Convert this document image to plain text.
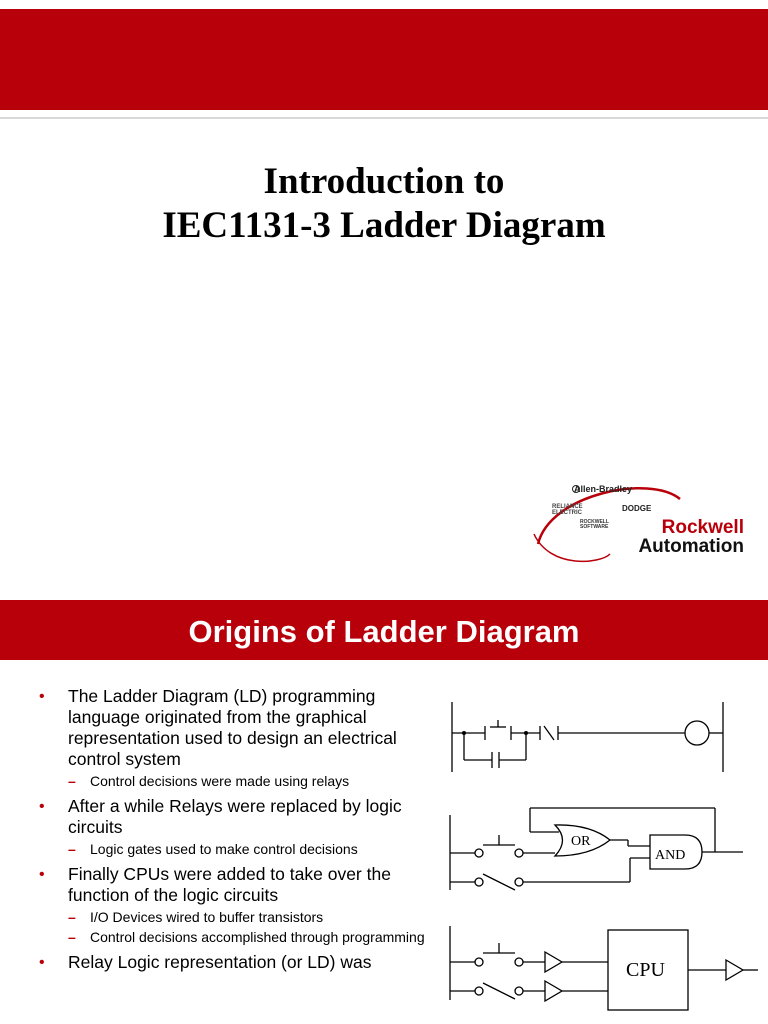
Introduction to
IEC1131-3 Ladder Diagram
Allen-Bradley
RELIANCE
ELECTRIC	DODGE
ROCKWELL
SOFTWARE	Rockwell
Automation
Origins of Ladder Diagram
• The Ladder Diagram (LD) programming language originated from the graphical representation used to design an electrical control system
– Control decisions were made using relays
• After a while Relays were replaced by logic circuits
– Logic gates used to make control decisions
• Finally CPUs were added to take over the function of the logic circuits
– I/O Devices wired to buffer transistors
– Control decisions accomplished through programming
• Relay Logic representation (or LD) was
OR
AND
CPU
